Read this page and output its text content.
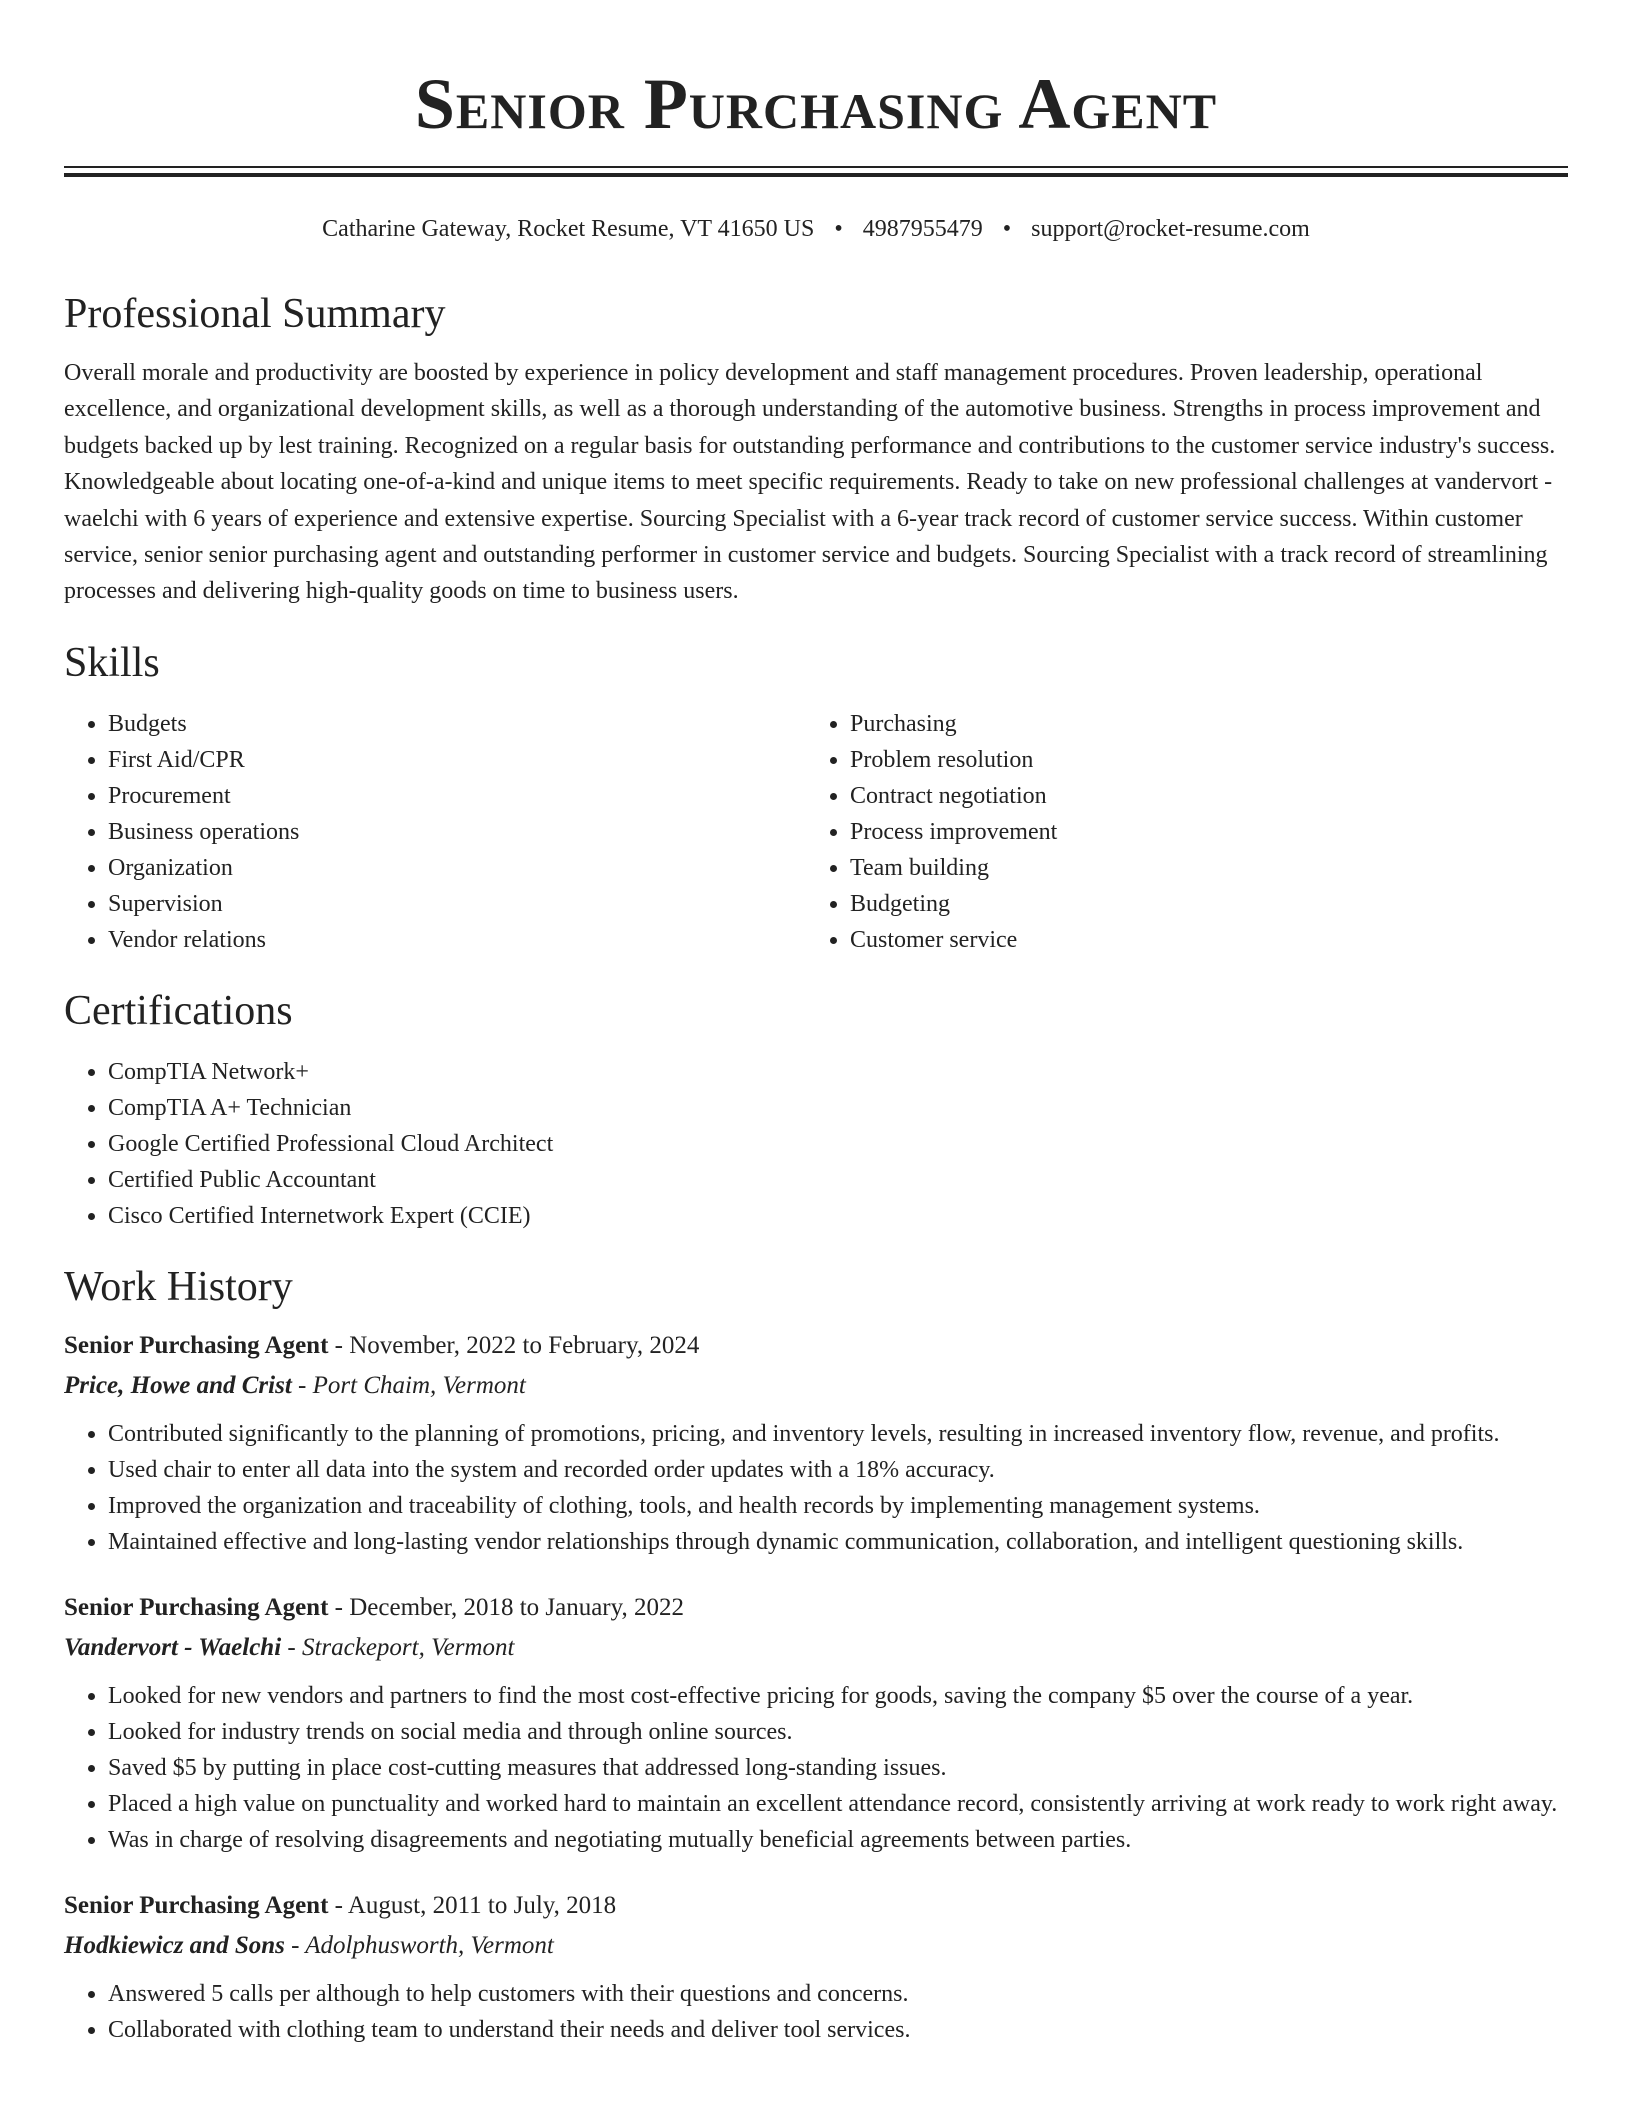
Senior Purchasing Agent
Catharine Gateway, Rocket Resume, VT 41650 US • 4987955479 • support@rocket-resume.com
Professional Summary

Overall morale and productivity are boosted by experience in policy development and staff management procedures. Proven leadership, operational excellence, and organizational development skills, as well as a thorough understanding of the automotive business. Strengths in process improvement and budgets backed up by lest training. Recognized on a regular basis for outstanding performance and contributions to the customer service industry's success. Knowledgeable about locating one-of-a-kind and unique items to meet specific requirements. Ready to take on new professional challenges at vandervort - waelchi with 6 years of experience and extensive expertise. Sourcing Specialist with a 6-year track record of customer service success. Within customer service, senior senior purchasing agent and outstanding performer in customer service and budgets. Sourcing Specialist with a track record of streamlining processes and delivering high-quality goods on time to business users.

Skills
• Budgets
• First Aid/CPR
• Procurement
• Business operations
• Organization
• Supervision
• Vendor relations
• Purchasing
• Problem resolution
• Contract negotiation
• Process improvement
• Team building
• Budgeting
• Customer service
Certifications
• CompTIA Network+
• CompTIA A+ Technician
• Google Certified Professional Cloud Architect
• Certified Public Accountant
• Cisco Certified Internetwork Expert (CCIE)
Work History
Senior Purchasing Agent - November, 2022 to February, 2024
Price, Howe and Crist - Port Chaim, Vermont
• Contributed significantly to the planning of promotions, pricing, and inventory levels, resulting in increased inventory flow, revenue, and profits.
• Used chair to enter all data into the system and recorded order updates with a 18% accuracy.
• Improved the organization and traceability of clothing, tools, and health records by implementing management systems.
• Maintained effective and long-lasting vendor relationships through dynamic communication, collaboration, and intelligent questioning skills.
Senior Purchasing Agent - December, 2018 to January, 2022
Vandervort - Waelchi - Strackeport, Vermont
• Looked for new vendors and partners to find the most cost-effective pricing for goods, saving the company $5 over the course of a year.
• Looked for industry trends on social media and through online sources.
• Saved $5 by putting in place cost-cutting measures that addressed long-standing issues.
• Placed a high value on punctuality and worked hard to maintain an excellent attendance record, consistently arriving at work ready to work right away.
• Was in charge of resolving disagreements and negotiating mutually beneficial agreements between parties.
Senior Purchasing Agent - August, 2011 to July, 2018
Hodkiewicz and Sons - Adolphusworth, Vermont
• Answered 5 calls per although to help customers with their questions and concerns.
• Collaborated with clothing team to understand their needs and deliver tool services.
